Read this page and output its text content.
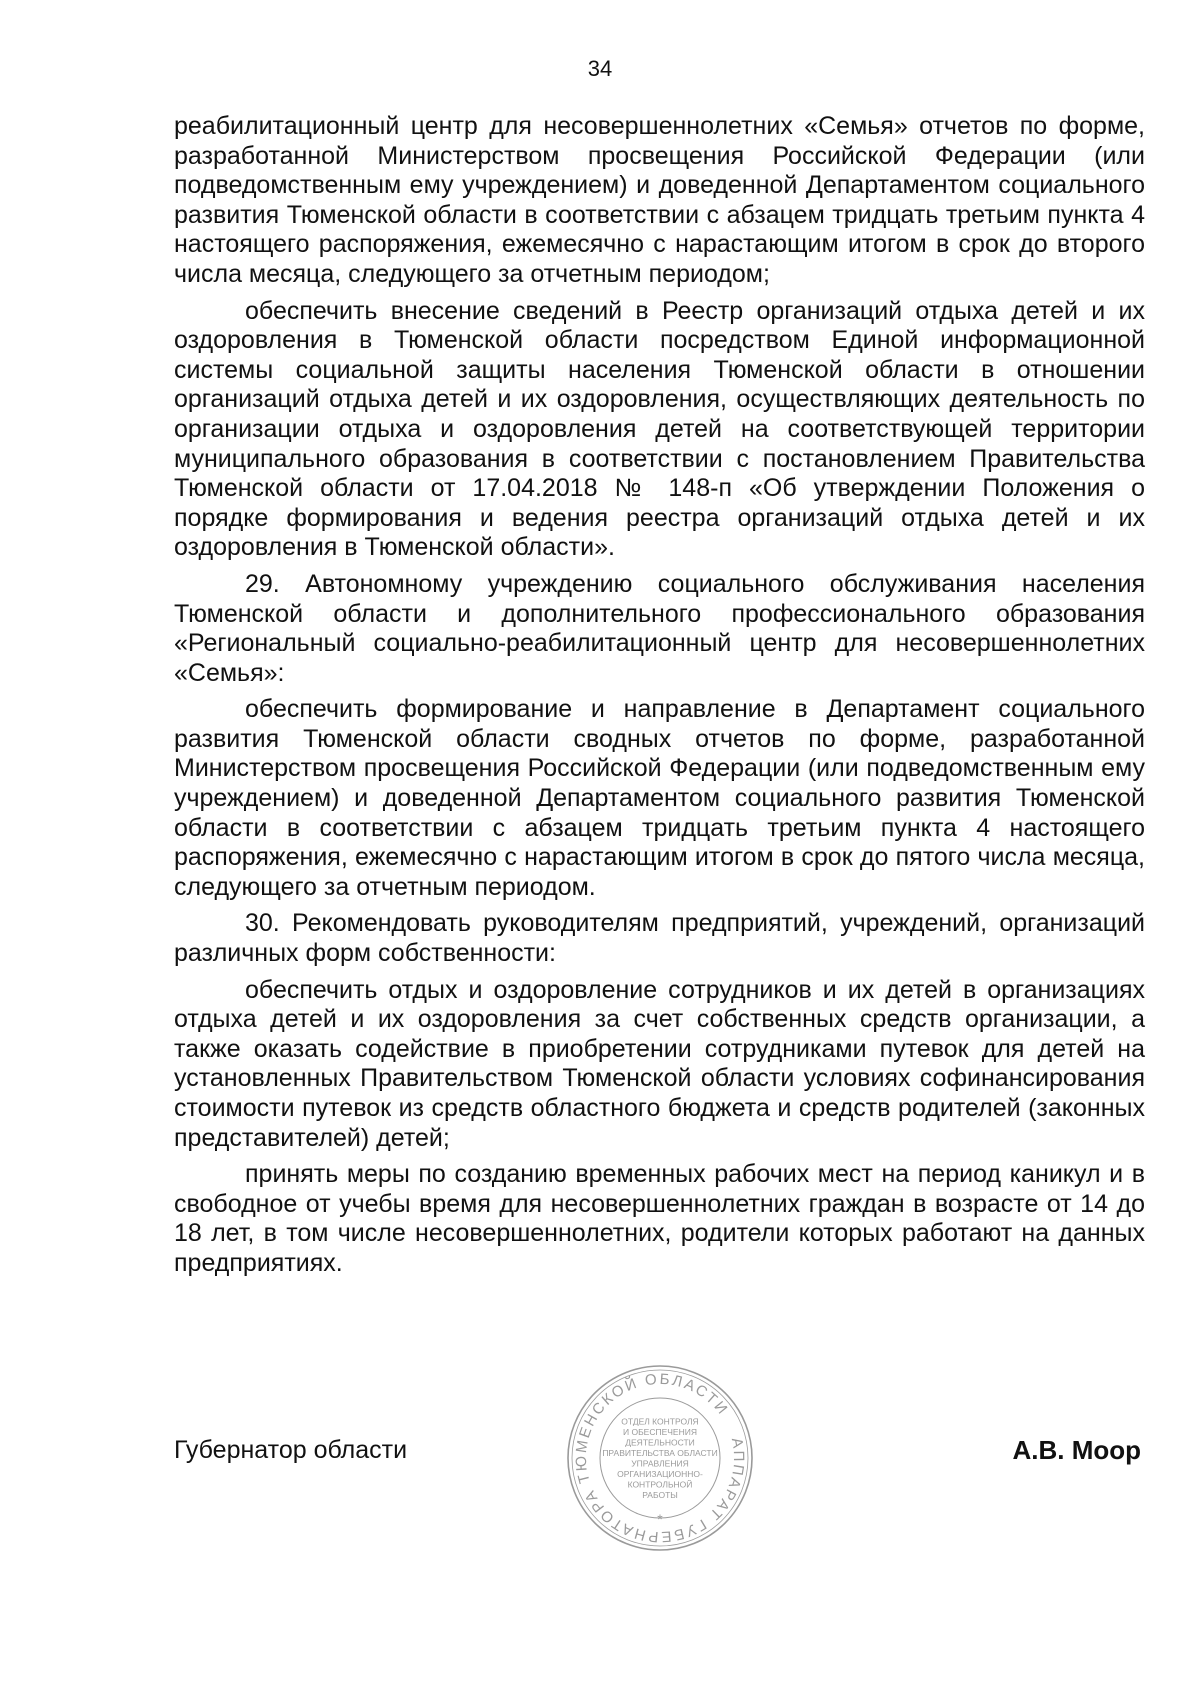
34

реабилитационный центр для несовершеннолетних «Семья» отчетов по форме, разработанной Министерством просвещения Российской Федерации (или подведомственным ему учреждением) и доведенной Департаментом социального развития Тюменской области в соответствии с абзацем тридцать третьим пункта 4 настоящего распоряжения, ежемесячно с нарастающим итогом в срок до второго числа месяца, следующего за отчетным периодом;

обеспечить внесение сведений в Реестр организаций отдыха детей и их оздоровления в Тюменской области посредством Единой информационной системы социальной защиты населения Тюменской области в отношении организаций отдыха детей и их оздоровления, осуществляющих деятельность по организации отдыха и оздоровления детей на соответствующей территории муниципального образования в соответствии с постановлением Правительства Тюменской области от 17.04.2018 № 148-п «Об утверждении Положения о порядке формирования и ведения реестра организаций отдыха детей и их оздоровления в Тюменской области».

29. Автономному учреждению социального обслуживания населения Тюменской области и дополнительного профессионального образования «Региональный социально-реабилитационный центр для несовершеннолетних «Семья»:

обеспечить формирование и направление в Департамент социального развития Тюменской области сводных отчетов по форме, разработанной Министерством просвещения Российской Федерации (или подведомственным ему учреждением) и доведенной Департаментом социального развития Тюменской области в соответствии с абзацем тридцать третьим пункта 4 настоящего распоряжения, ежемесячно с нарастающим итогом в срок до пятого числа месяца, следующего за отчетным периодом.

30. Рекомендовать руководителям предприятий, учреждений, организаций различных форм собственности:

обеспечить отдых и оздоровление сотрудников и их детей в организациях отдыха детей и их оздоровления за счет собственных средств организации, а также оказать содействие в приобретении сотрудниками путевок для детей на установленных Правительством Тюменской области условиях софинансирования стоимости путевок из средств областного бюджета и средств родителей (законных представителей) детей;

принять меры по созданию временных рабочих мест на период каникул и в свободное от учебы время для несовершеннолетних граждан в возрасте от 14 до 18 лет, в том числе несовершеннолетних, родители которых работают на данных предприятиях.

Губернатор области	А.В. Моор
АППАРАТ ГУБЕРНАТОРА ТЮМЕНСКОЙ ОБЛАСТИ
*
ОТДЕЛ КОНТРОЛЯ
И ОБЕСПЕЧЕНИЯ
ДЕЯТЕЛЬНОСТИ
ПРАВИТЕЛЬСТВА ОБЛАСТИ
УПРАВЛЕНИЯ
ОРГАНИЗАЦИОННО-
КОНТРОЛЬНОЙ
РАБОТЫ
